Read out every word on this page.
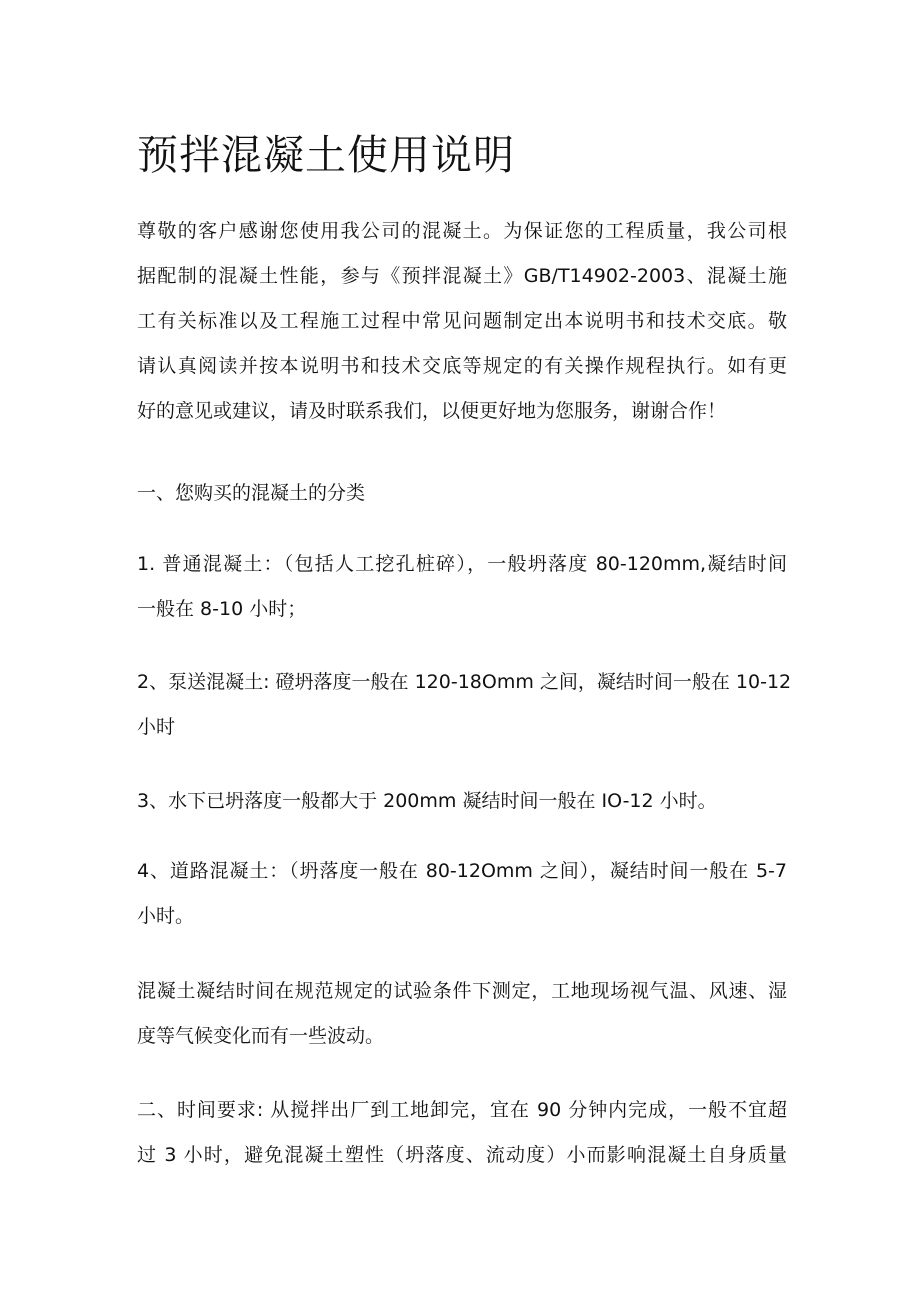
预拌混凝土使用说明

尊敬的客户感谢您使用我公司的混凝土。为保证您的工程质量，我公司根
据配制的混凝土性能，参与《预拌混凝土》GB/T14902-2003、混凝土施
工有关标准以及工程施工过程中常见问题制定出本说明书和技术交底。敬
请认真阅读并按本说明书和技术交底等规定的有关操作规程执行。如有更
好的意见或建议，请及时联系我们，以便更好地为您服务，谢谢合作！

一、您购买的混凝土的分类

1. 普通混凝土：（包括人工挖孔桩碎），一般坍落度 80-120mm,凝结时间
一般在 8-10 小时；

2、泵送混凝土: 磴坍落度一般在 120-18Omm 之间，凝结时间一般在 10-12
小时

3、水下已坍落度一般都大于 200mm 凝结时间一般在 IO-12 小时。

4、道路混凝土：（坍落度一般在 80-12Omm 之间），凝结时间一般在 5-7
小时。

混凝土凝结时间在规范规定的试验条件下测定，工地现场视气温、风速、湿
度等气候变化而有一些波动。

二、时间要求: 从搅拌出厂到工地卸完，宜在 90 分钟内完成，一般不宜超
过 3 小时，避免混凝土塑性（坍落度、流动度）小而影响混凝土自身质量
